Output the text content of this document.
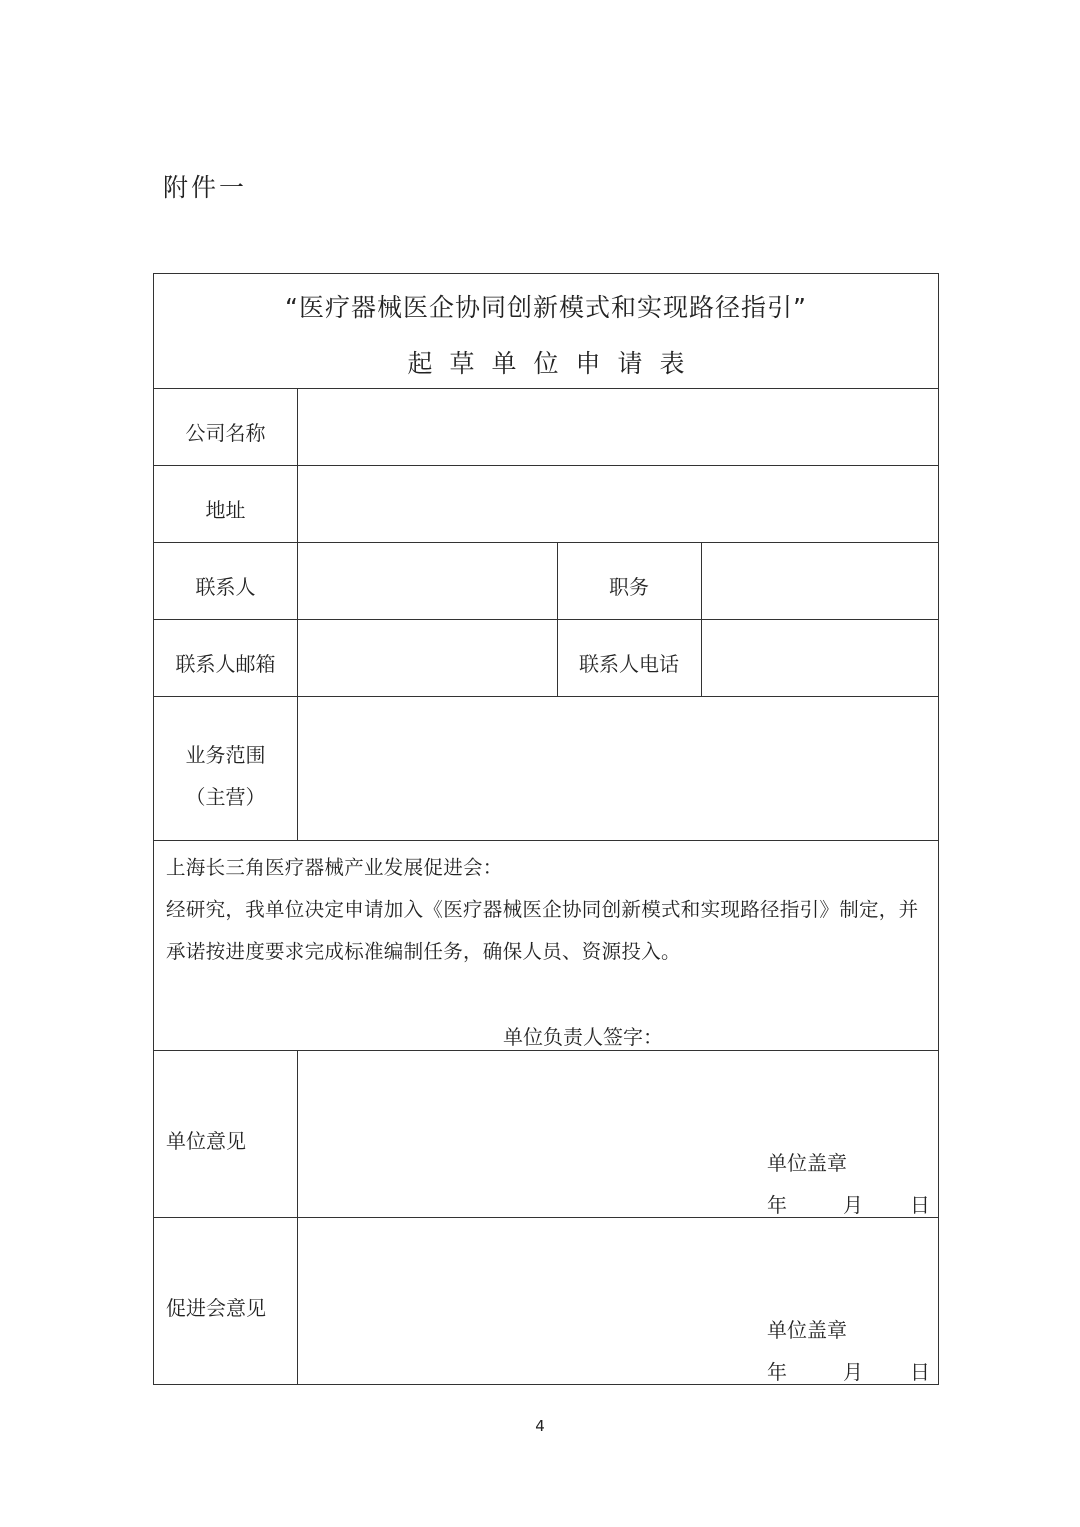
附件一
“医疗器械医企协同创新模式和实现路径指引”
起草单位申请表
公司名称
地址
联系人	职务
联系人邮箱	联系人电话
业务范围
（主营）
上海长三角医疗器械产业发展促进会：
经研究，我单位决定申请加入《医疗器械医企协同创新模式和实现路径指引》制定，并承诺按进度要求完成标准编制任务，确保人员、资源投入。
单位负责人签字：
单位意见
单位盖章
年	月 日
促进会意见
单位盖章
年	月 日
4
